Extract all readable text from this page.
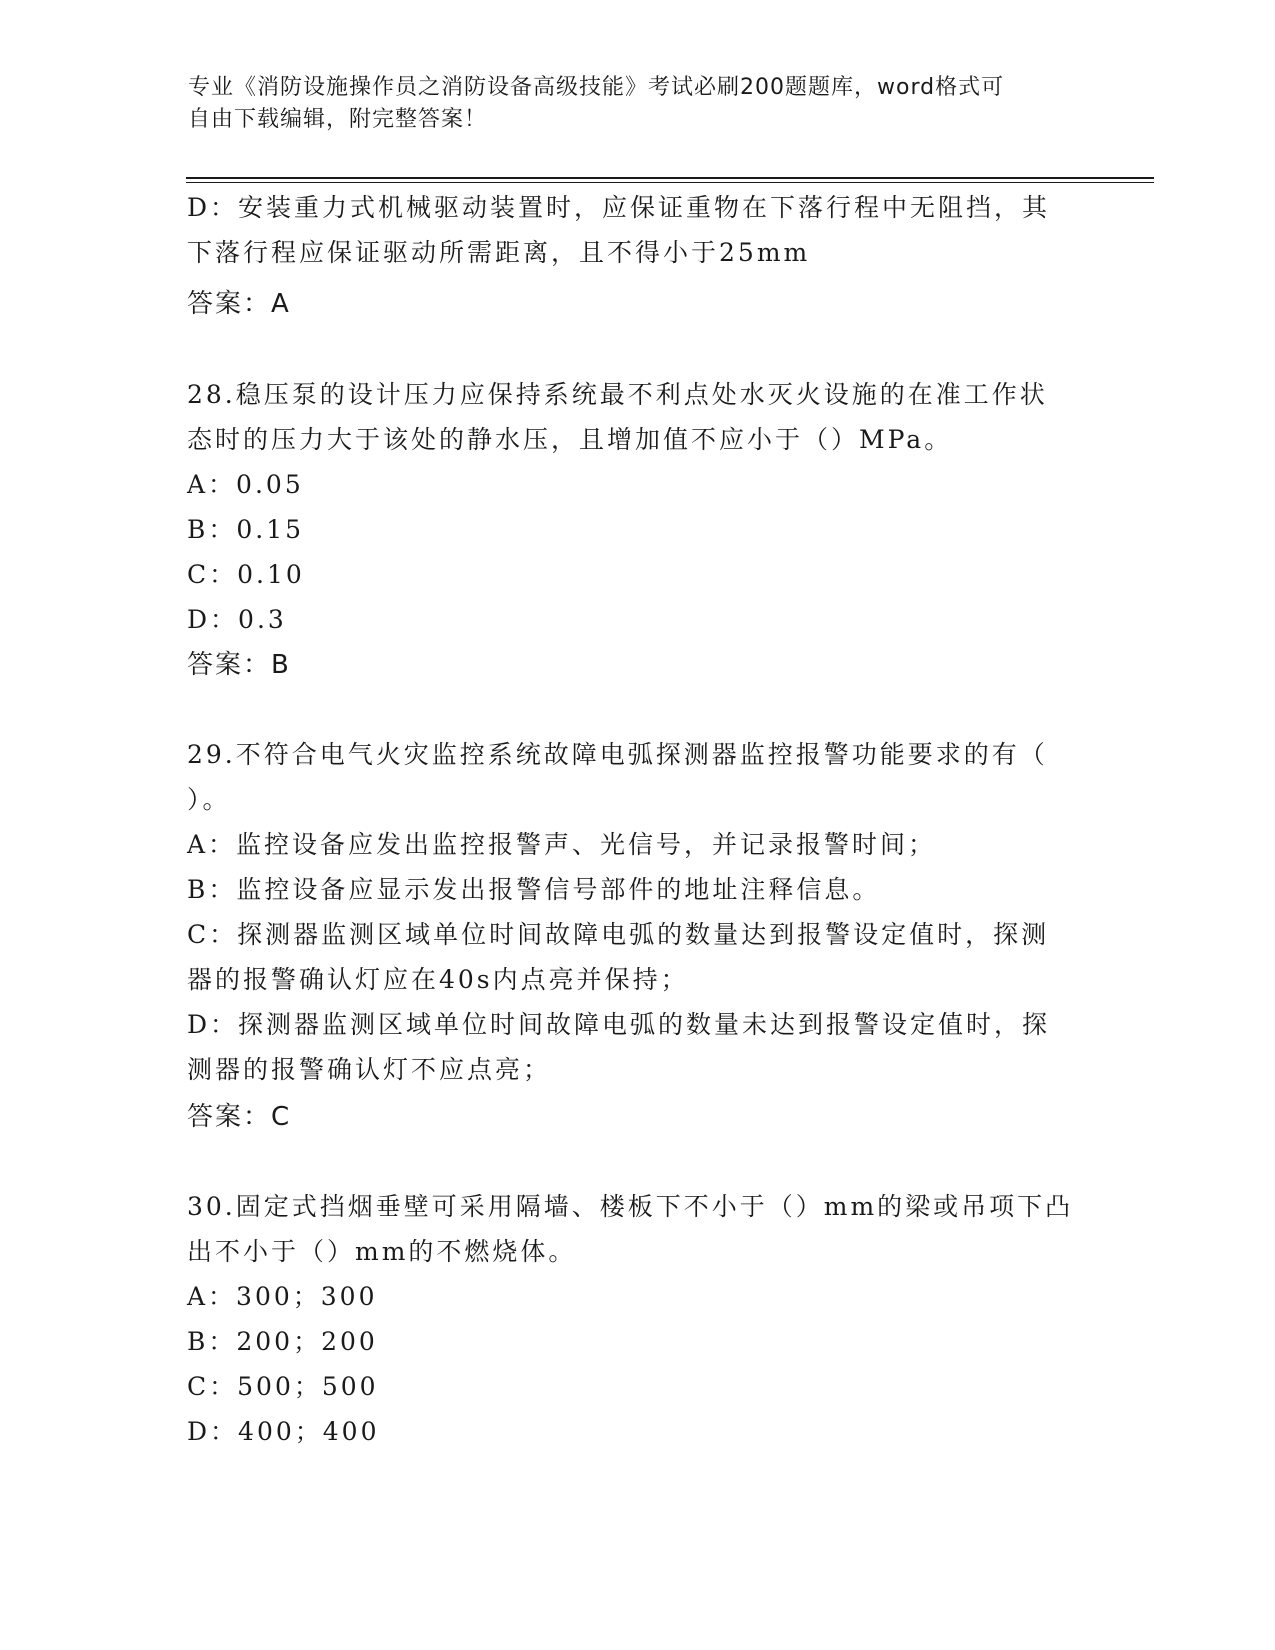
专业《消防设施操作员之消防设备高级技能》考试必刷200题题库，word格式可
自由下载编辑，附完整答案！
D：安装重力式机械驱动装置时，应保证重物在下落行程中无阻挡，其
下落行程应保证驱动所需距离，且不得小于25mm
答案：A
28.稳压泵的设计压力应保持系统最不利点处水灭火设施的在准工作状
态时的压力大于该处的静水压，且增加值不应小于（）MPa。
A：0.05
B：0.15
C：0.10
D：0.3
答案：B
29.不符合电气火灾监控系统故障电弧探测器监控报警功能要求的有（
）。
A：监控设备应发出监控报警声、光信号，并记录报警时间；
B：监控设备应显示发出报警信号部件的地址注释信息。
C：探测器监测区域单位时间故障电弧的数量达到报警设定值时，探测
器的报警确认灯应在40s内点亮并保持；
D：探测器监测区域单位时间故障电弧的数量未达到报警设定值时，探
测器的报警确认灯不应点亮；
答案：C
30.固定式挡烟垂壁可采用隔墙、楼板下不小于（）mm的梁或吊项下凸
出不小于（）mm的不燃烧体。
A：300；300
B：200；200
C：500；500
D：400；400
